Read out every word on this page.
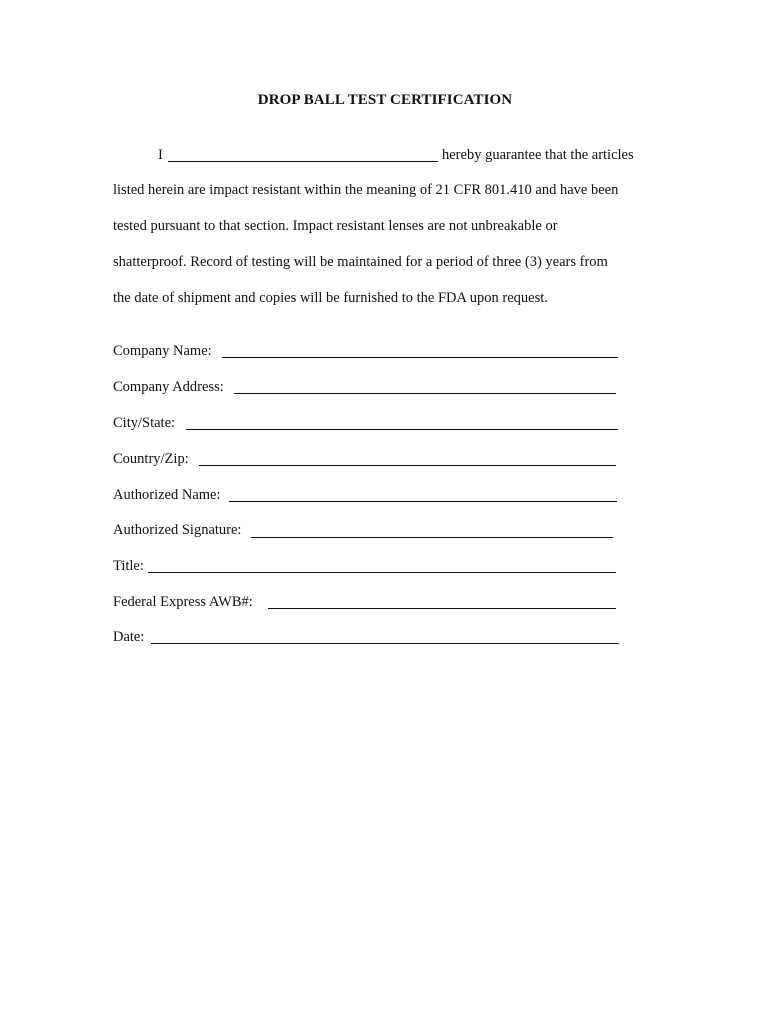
DROP BALL TEST CERTIFICATION
I	hereby guarantee that the articles
listed herein are impact resistant within the meaning of 21 CFR 801.410 and have been
tested pursuant to that section. Impact resistant lenses are not unbreakable or
shatterproof. Record of testing will be maintained for a period of three (3) years from
the date of shipment and copies will be furnished to the FDA upon request.
Company Name:
Company Address:
City/State:
Country/Zip:
Authorized Name:
Authorized Signature:
Title:
Federal Express AWB#:
Date:
